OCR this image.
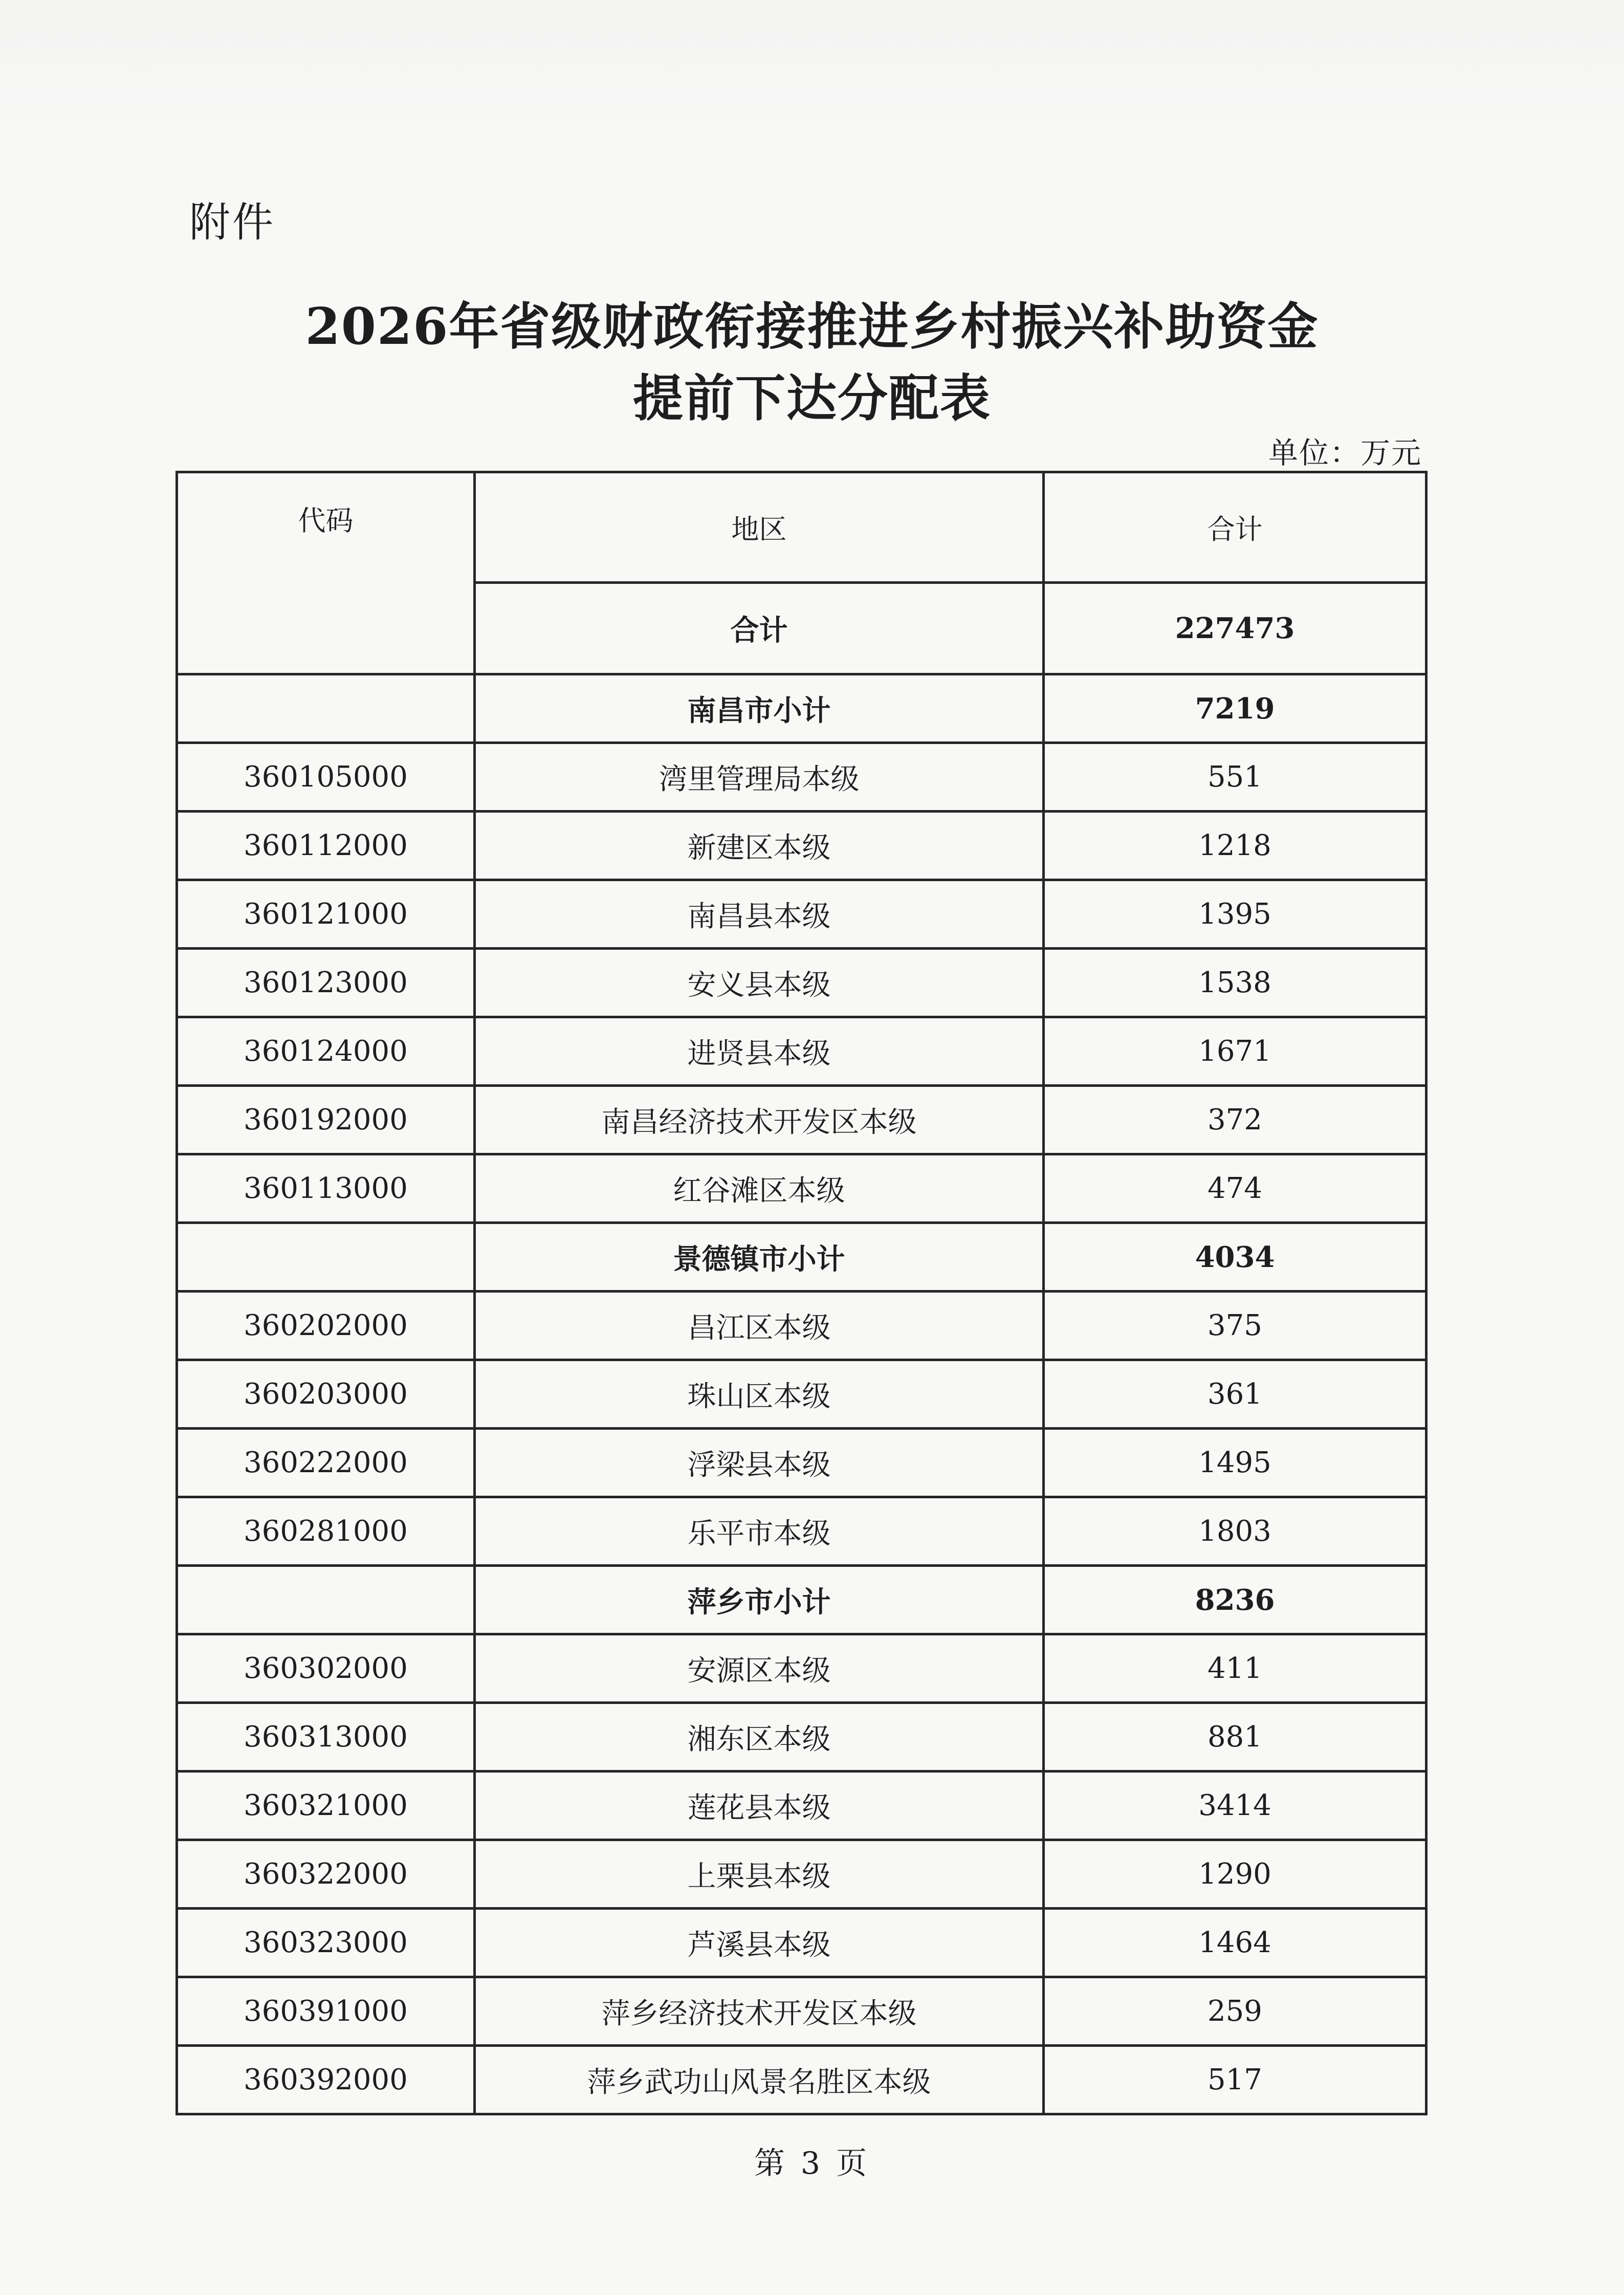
附件
2026年省级财政衔接推进乡村振兴补助资金
提前下达分配表
单位：万元
代码	地区	合计
	合计	227473
	南昌市小计	7219
360105000	湾里管理局本级	551
360112000	新建区本级	1218
360121000	南昌县本级	1395
360123000	安义县本级	1538
360124000	进贤县本级	1671
360192000	南昌经济技术开发区本级	372
360113000	红谷滩区本级	474
	景德镇市小计	4034
360202000	昌江区本级	375
360203000	珠山区本级	361
360222000	浮梁县本级	1495
360281000	乐平市本级	1803
	萍乡市小计	8236
360302000	安源区本级	411
360313000	湘东区本级	881
360321000	莲花县本级	3414
360322000	上栗县本级	1290
360323000	芦溪县本级	1464
360391000	萍乡经济技术开发区本级	259
360392000	萍乡武功山风景名胜区本级	517
第 3 页
